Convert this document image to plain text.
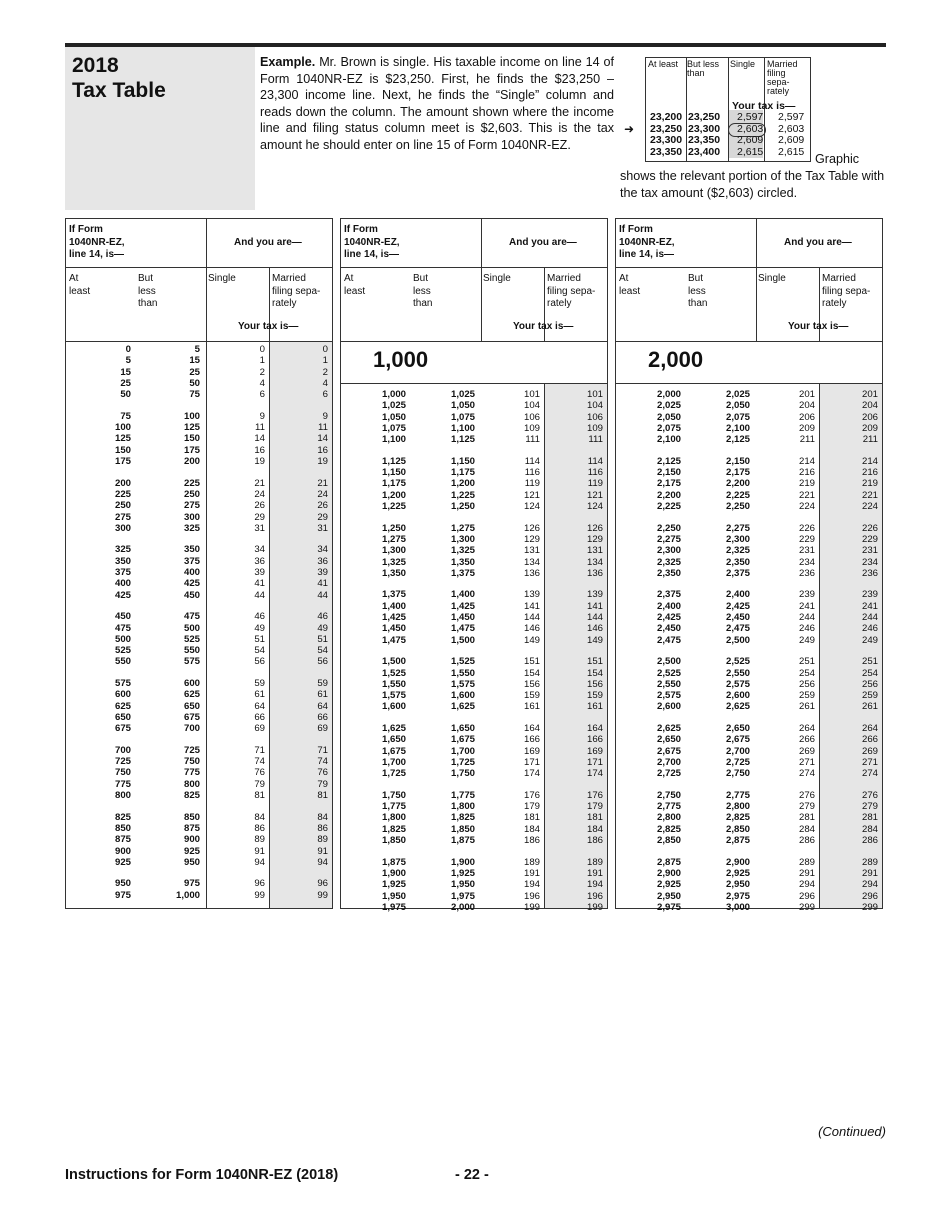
2018
Tax Table
Example. Mr. Brown is single. His taxable income on line 14 of Form 1040NR-EZ is $23,250. First, he finds the $23,250 – 23,300 income line. Next, he finds the “Single” column and reads down the column. The amount shown where the income line and filing status column meet is $2,603. This is the tax amount he should enter on line 15 of Form 1040NR-EZ.
At least But less than
Single Married filing sepa-rately
Your tax is—
23,200 23,250 2,597 2,597
23,250 23,300 2,603 2,603
23,300 23,350 2,609 2,609
23,350 23,400 2,615 2,615
➜
Graphic
shows the relevant portion of the Tax Table with the tax amount ($2,603) circled.
If Form
1040NR-EZ,
line 14, is—
And you are—
At
least
But
less
than
Single	Married
filing sepa-
rately
Your tax is—
0	5	0	0
5	15	1	1
15	25	2	2
25	50	4	4
50	75	6	6
75	100	9	9
100	125	11	11
125	150	14	14
150	175	16	16
175	200	19	19
200	225	21	21
225	250	24	24
250	275	26	26
275	300	29	29
300	325	31	31
325	350	34	34
350	375	36	36
375	400	39	39
400	425	41	41
425	450	44	44
450	475	46	46
475	500	49	49
500	525	51	51
525	550	54	54
550	575	56	56
575	600	59	59
600	625	61	61
625	650	64	64
650	675	66	66
675	700	69	69
700	725	71	71
725	750	74	74
750	775	76	76
775	800	79	79
800	825	81	81
825	850	84	84
850	875	86	86
875	900	89	89
900	925	91	91
925	950	94	94
950	975	96	96
975	1,000	99	99
If Form
1040NR-EZ,
line 14, is—
And you are—
At
least
But
less
than
Single	Married
filing sepa-
rately
Your tax is—
1,000
1,000	1,025	101	101
1,025	1,050	104	104
1,050	1,075	106	106
1,075	1,100	109	109
1,100	1,125	111	111
1,125	1,150	114	114
1,150	1,175	116	116
1,175	1,200	119	119
1,200	1,225	121	121
1,225	1,250	124	124
1,250	1,275	126	126
1,275	1,300	129	129
1,300	1,325	131	131
1,325	1,350	134	134
1,350	1,375	136	136
1,375	1,400	139	139
1,400	1,425	141	141
1,425	1,450	144	144
1,450	1,475	146	146
1,475	1,500	149	149
1,500	1,525	151	151
1,525	1,550	154	154
1,550	1,575	156	156
1,575	1,600	159	159
1,600	1,625	161	161
1,625	1,650	164	164
1,650	1,675	166	166
1,675	1,700	169	169
1,700	1,725	171	171
1,725	1,750	174	174
1,750	1,775	176	176
1,775	1,800	179	179
1,800	1,825	181	181
1,825	1,850	184	184
1,850	1,875	186	186
1,875	1,900	189	189
1,900	1,925	191	191
1,925	1,950	194	194
1,950	1,975	196	196
1,975	2,000	199	199
If Form
1040NR-EZ,
line 14, is—
And you are—
At
least
But
less
than
Single	Married
filing sepa-
rately
Your tax is—
2,000
2,000	2,025	201	201
2,025	2,050	204	204
2,050	2,075	206	206
2,075	2,100	209	209
2,100	2,125	211	211
2,125	2,150	214	214
2,150	2,175	216	216
2,175	2,200	219	219
2,200	2,225	221	221
2,225	2,250	224	224
2,250	2,275	226	226
2,275	2,300	229	229
2,300	2,325	231	231
2,325	2,350	234	234
2,350	2,375	236	236
2,375	2,400	239	239
2,400	2,425	241	241
2,425	2,450	244	244
2,450	2,475	246	246
2,475	2,500	249	249
2,500	2,525	251	251
2,525	2,550	254	254
2,550	2,575	256	256
2,575	2,600	259	259
2,600	2,625	261	261
2,625	2,650	264	264
2,650	2,675	266	266
2,675	2,700	269	269
2,700	2,725	271	271
2,725	2,750	274	274
2,750	2,775	276	276
2,775	2,800	279	279
2,800	2,825	281	281
2,825	2,850	284	284
2,850	2,875	286	286
2,875	2,900	289	289
2,900	2,925	291	291
2,925	2,950	294	294
2,950	2,975	296	296
2,975	3,000	299	299
(Continued)
Instructions for Form 1040NR-EZ (2018)	- 22 -
